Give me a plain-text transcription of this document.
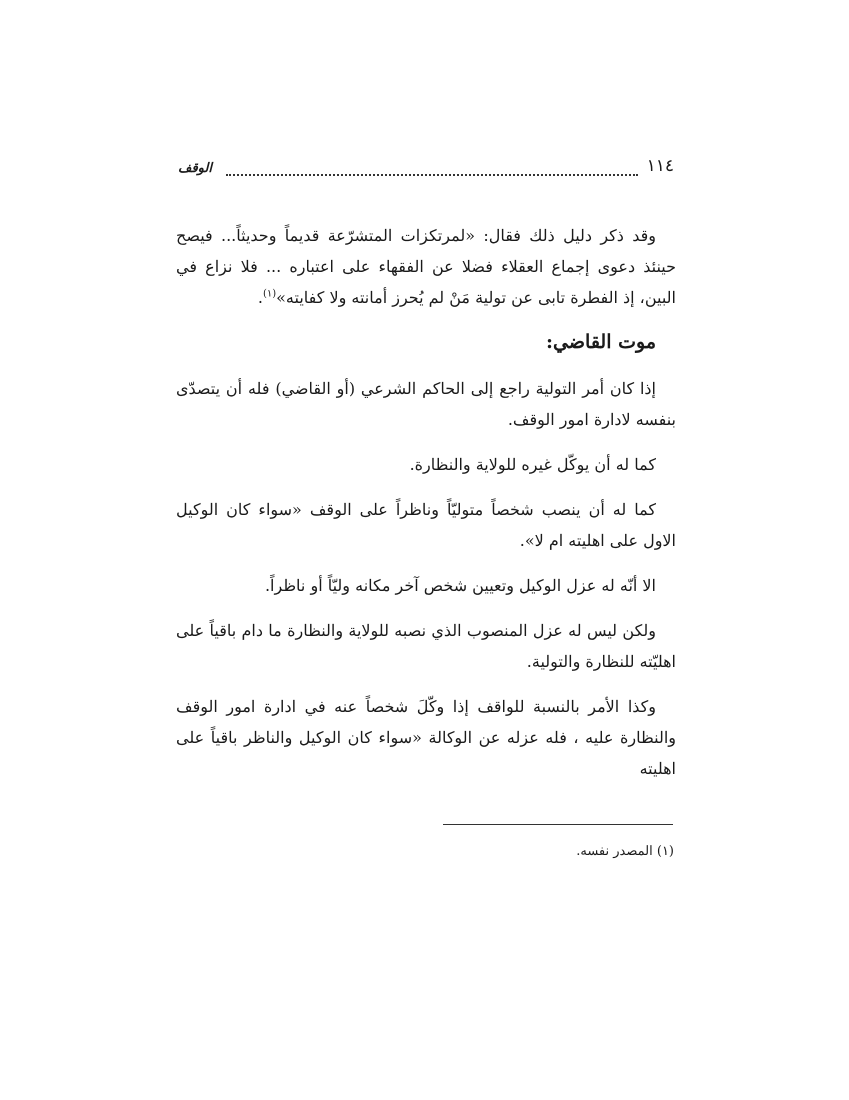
١١٤
الوقف

وقد ذكر دليل ذلك فقال: «لمرتكزات المتشرّعة قديماً وحديثاً... فيصح حينئذ دعوى إجماع العقلاء فضلا عن الفقهاء على اعتباره ... فلا نزاع في البين، إذ الفطرة تابى عن تولية مَنْ لم يُحرز أمانته ولا كفايته»$^{(١)}$.

موت القاضي:

إذا كان أمر التولية راجع إلى الحاكم الشرعي (أو القاضي) فله أن يتصدّى بنفسه لادارة امور الوقف.

كما له أن يوكّل غيره للولاية والنظارة.

كما له أن ينصب شخصاً متوليّاً وناظراً على الوقف «سواء كان الوكيل الاول على اهليته ام لا».

الا أنّه له عزل الوكيل وتعيين شخص آخر مكانه وليّاً أو ناظراً.

ولكن ليس له عزل المنصوب الذي نصبه للولاية والنظارة ما دام باقياً على اهليّته للنظارة والتولية.

وكذا الأمر بالنسبة للواقف إذا وكّلَ شخصاً عنه في ادارة امور الوقف والنظارة عليه ، فله عزله عن الوكالة «سواء كان الوكيل والناظر باقياً على اهليته

(١) المصدر نفسه.
